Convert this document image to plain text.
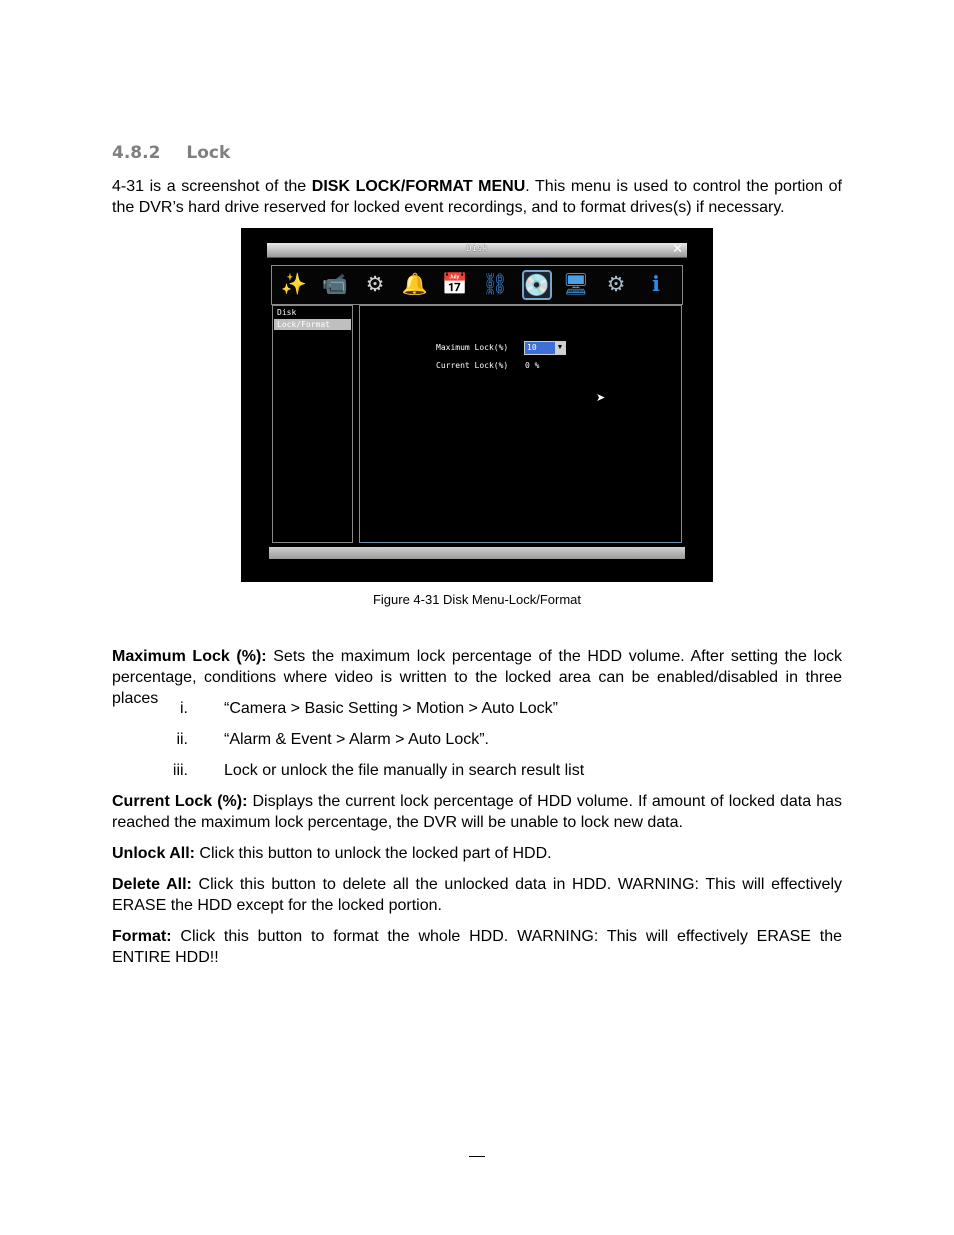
4.8.2 Lock
4-31 is a screenshot of the DISK LOCK/FORMAT MENU. This menu is used to control the portion of the DVR’s hard drive reserved for locked event recordings, and to format drives(s) if necessary.
Disk	✕
✨ 📹 ⚙ 🔔 📅 ⛓ 💿 🖥 ⚙	ℹ
Disk
Lock/Format
Maximum Lock(%) 10	▼
Current Lock(%) 0 %
➤
Figure 4-31 Disk Menu-Lock/Format
Maximum Lock (%): Sets the maximum lock percentage of the HDD volume. After setting the lock percentage, conditions where video is written to the locked area can be enabled/disabled in three places
i. “Camera > Basic Setting > Motion > Auto Lock”
ii. “Alarm & Event > Alarm > Auto Lock”.
iii. Lock or unlock the file manually in search result list
Current Lock (%): Displays the current lock percentage of HDD volume. If amount of locked data has reached the maximum lock percentage, the DVR will be unable to lock new data.
Unlock All: Click this button to unlock the locked part of HDD.
Delete All: Click this button to delete all the unlocked data in HDD. WARNING: This will effectively ERASE the HDD except for the locked portion.
Format: Click this button to format the whole HDD. WARNING: This will effectively ERASE the ENTIRE HDD!!
